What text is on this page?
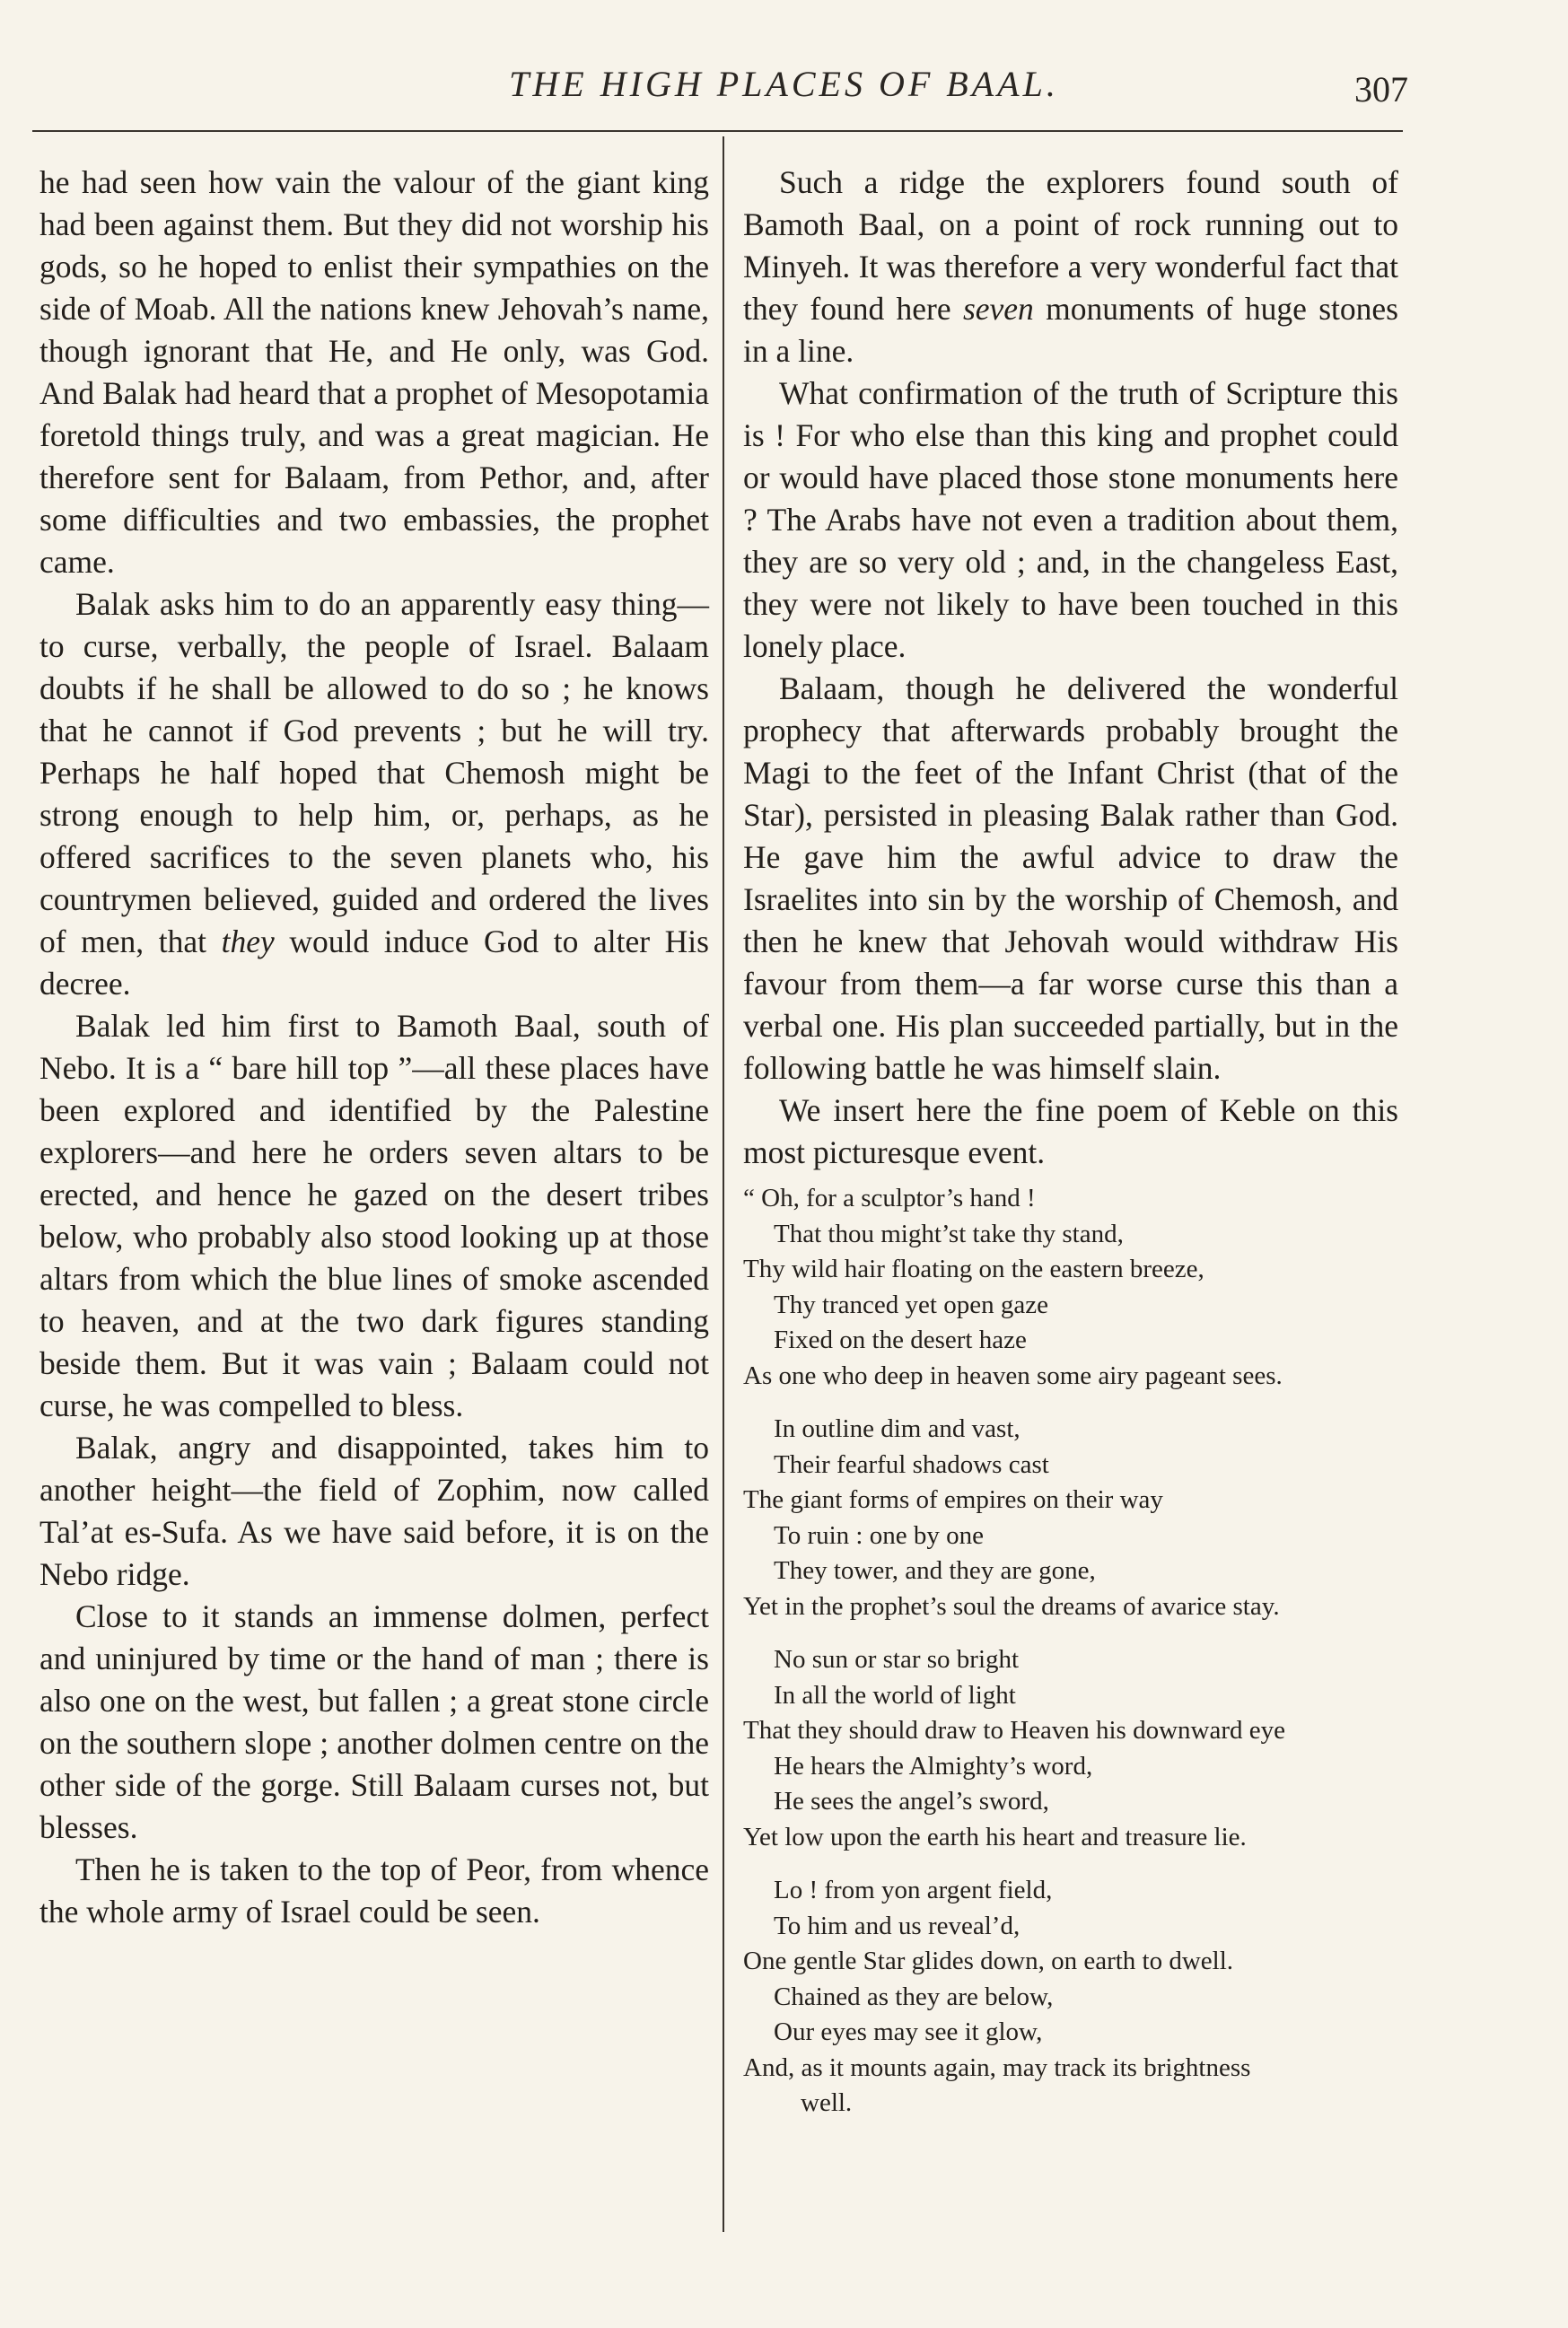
THE HIGH PLACES OF BAAL.	307

he had seen how vain the valour of the giant king had been against them. But they did not worship his gods, so he hoped to enlist their sympathies on the side of Moab. All the nations knew Jehovah’s name, though ignorant that He, and He only, was God. And Balak had heard that a prophet of Mesopotamia foretold things truly, and was a great magician. He therefore sent for Balaam, from Pethor, and, after some difficulties and two embassies, the prophet came.

Balak asks him to do an apparently easy thing—to curse, verbally, the people of Israel. Balaam doubts if he shall be allowed to do so ; he knows that he cannot if God prevents ; but he will try. Perhaps he half hoped that Chemosh might be strong enough to help him, or, perhaps, as he offered sacrifices to the seven planets who, his countrymen believed, guided and ordered the lives of men, that they would induce God to alter His decree.

Balak led him first to Bamoth Baal, south of Nebo. It is a “ bare hill top ”—all these places have been explored and identified by the Palestine explorers—and here he orders seven altars to be erected, and hence he gazed on the desert tribes below, who probably also stood looking up at those altars from which the blue lines of smoke ascended to heaven, and at the two dark figures standing beside them. But it was vain ; Balaam could not curse, he was compelled to bless.

Balak, angry and disappointed, takes him to another height—the field of Zophim, now called Tal’at es-Sufa. As we have said before, it is on the Nebo ridge.

Close to it stands an immense dolmen, perfect and uninjured by time or the hand of man ; there is also one on the west, but fallen ; a great stone circle on the southern slope ; another dolmen centre on the other side of the gorge. Still Balaam curses not, but blesses.

Then he is taken to the top of Peor, from whence the whole army of Israel could be seen.

Such a ridge the explorers found south of Bamoth Baal, on a point of rock running out to Minyeh. It was therefore a very wonderful fact that they found here seven monuments of huge stones in a line.

What confirmation of the truth of Scripture this is ! For who else than this king and prophet could or would have placed those stone monuments here ? The Arabs have not even a tradition about them, they are so very old ; and, in the changeless East, they were not likely to have been touched in this lonely place.

Balaam, though he delivered the wonderful prophecy that afterwards probably brought the Magi to the feet of the Infant Christ (that of the Star), persisted in pleasing Balak rather than God. He gave him the awful advice to draw the Israelites into sin by the worship of Chemosh, and then he knew that Jehovah would withdraw His favour from them—a far worse curse this than a verbal one. His plan succeeded partially, but in the following battle he was himself slain.

We insert here the fine poem of Keble on this most picturesque event.

“ Oh, for a sculptor’s hand !
That thou might’st take thy stand,
Thy wild hair floating on the eastern breeze,
Thy tranced yet open gaze
Fixed on the desert haze
As one who deep in heaven some airy pageant sees.
In outline dim and vast,
Their fearful shadows cast
The giant forms of empires on their way
To ruin : one by one
They tower, and they are gone,
Yet in the prophet’s soul the dreams of avarice stay.
No sun or star so bright
In all the world of light
That they should draw to Heaven his downward eye
He hears the Almighty’s word,
He sees the angel’s sword,
Yet low upon the earth his heart and treasure lie.
Lo ! from yon argent field,
To him and us reveal’d,
One gentle Star glides down, on earth to dwell.
Chained as they are below,
Our eyes may see it glow,
And, as it mounts again, may track its brightness
well.
